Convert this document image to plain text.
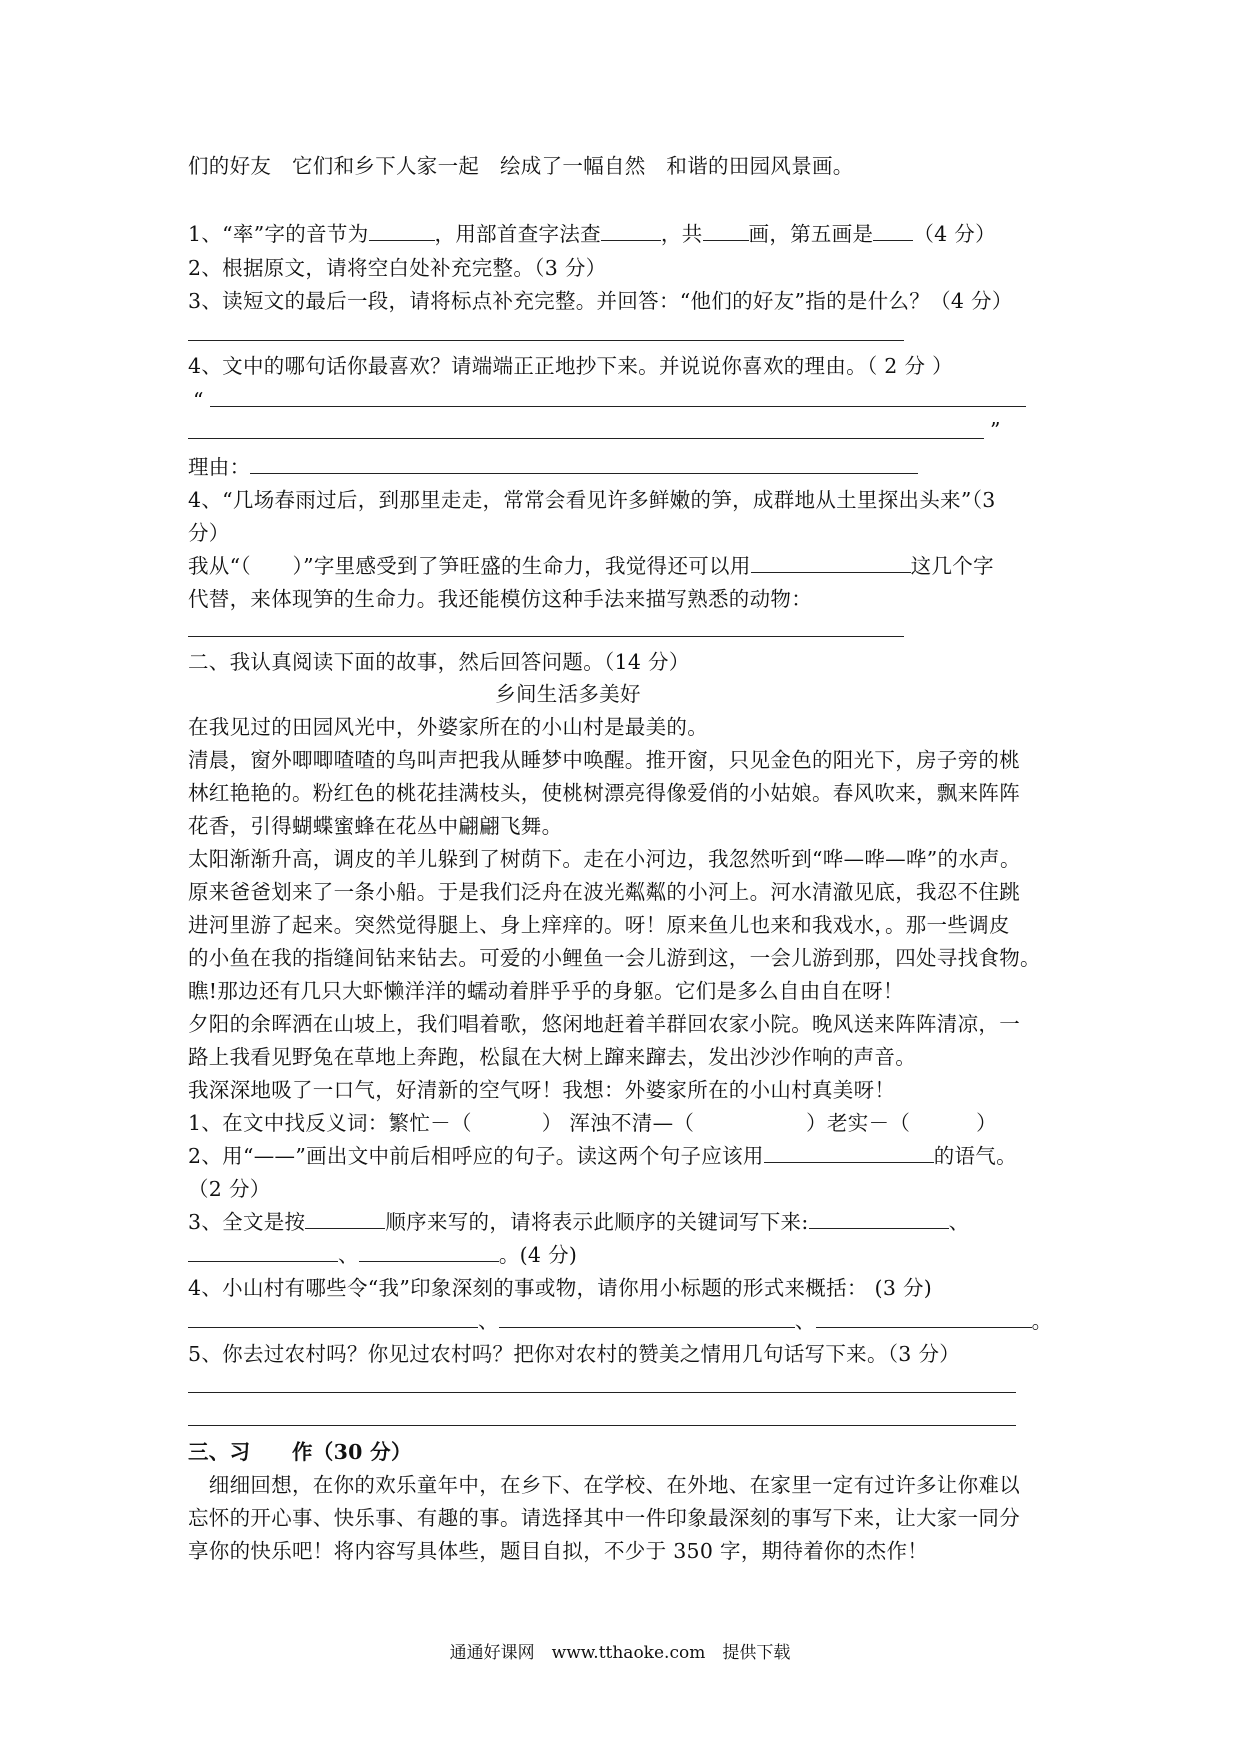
们的好友　它们和乡下人家一起　绘成了一幅自然　和谐的田园风景画。
1、“率”字的音节为	，用部首查字法查	，共 画，第五画是 （4 分）
2、根据原文，请将空白处补充完整。（3 分）
3、读短文的最后一段，请将标点补充完整。并回答：“他们的好友”指的是什么？（4 分）
4、文中的哪句话你最喜欢？请端端正正地抄下来。并说说你喜欢的理由。（ 2 分 ）
“
”
理由：
4、“几场春雨过后，到那里走走，常常会看见许多鲜嫩的笋，成群地从土里探出头来”（3
分）
我从“（　　）”字里感受到了笋旺盛的生命力，我觉得还可以用	这几个字
代替，来体现笋的生命力。我还能模仿这种手法来描写熟悉的动物：
二、我认真阅读下面的故事，然后回答问题。（14 分）
乡间生活多美好
在我见过的田园风光中，外婆家所在的小山村是最美的。
清晨，窗外唧唧喳喳的鸟叫声把我从睡梦中唤醒。推开窗，只见金色的阳光下，房子旁的桃
林红艳艳的。粉红色的桃花挂满枝头，使桃树漂亮得像爱俏的小姑娘。春风吹来，飘来阵阵
花香，引得蝴蝶蜜蜂在花丛中翩翩飞舞。
太阳渐渐升高，调皮的羊儿躲到了树荫下。走在小河边，我忽然听到“哗—哗—哗”的水声。
原来爸爸划来了一条小船。于是我们泛舟在波光粼粼的小河上。河水清澈见底，我忍不住跳
进河里游了起来。突然觉得腿上、身上痒痒的。呀！原来鱼儿也来和我戏水，。那一些调皮
的小鱼在我的指缝间钻来钻去。可爱的小鲤鱼一会儿游到这，一会儿游到那，四处寻找食物。
瞧!那边还有几只大虾懒洋洋的蠕动着胖乎乎的身躯。它们是多么自由自在呀！
夕阳的余晖洒在山坡上，我们唱着歌，悠闲地赶着羊群回农家小院。晚风送来阵阵清凉，一
路上我看见野兔在草地上奔跑，松鼠在大树上蹿来蹿去，发出沙沙作响的声音。
我深深地吸了一口气，好清新的空气呀！我想：外婆家所在的小山村真美呀！
1、在文中找反义词：繁忙－（	） 浑浊不清—（	）老实－（	）
2、用“——”画出文中前后相呼应的句子。读这两个句子应该用	的语气。
（2 分）
3、全文是按	顺序来写的，请将表示此顺序的关键词写下来:	、
、	。(4 分)
4、小山村有哪些令“我”印象深刻的事或物，请你用小标题的形式来概括： (3 分)
、	、	。
5、你去过农村吗？你见过农村吗？把你对农村的赞美之情用几句话写下来。（3 分）
三、习　　作（30 分）
　细细回想，在你的欢乐童年中，在乡下、在学校、在外地、在家里一定有过许多让你难以
忘怀的开心事、快乐事、有趣的事。请选择其中一件印象最深刻的事写下来，让大家一同分
享你的快乐吧！将内容写具体些，题目自拟，不少于 350 字，期待着你的杰作！
通通好课网　www.tthaoke.com　提供下载
